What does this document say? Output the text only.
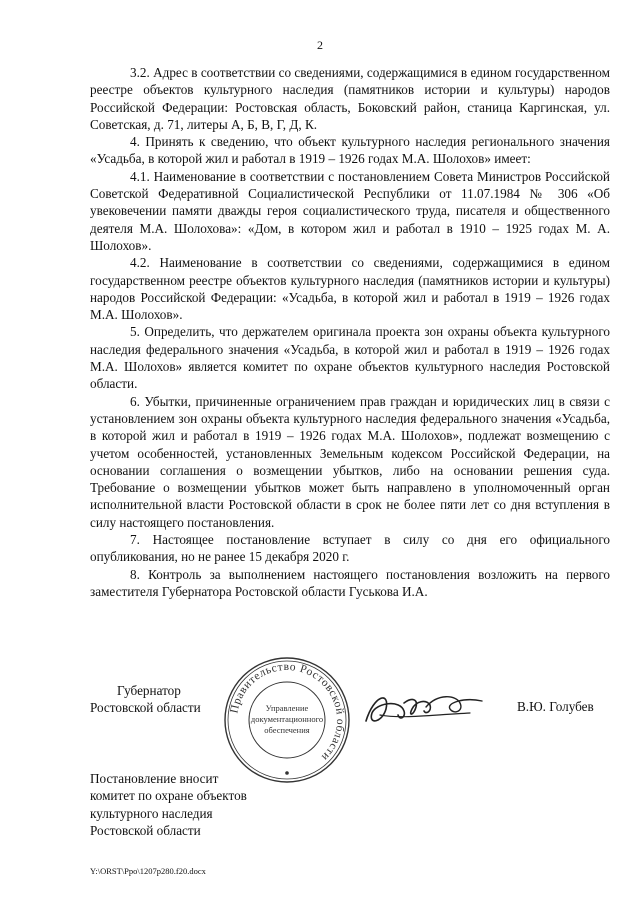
2

3.2. Адрес в соответствии со сведениями, содержащимися в едином государственном реестре объектов культурного наследия (памятников истории и культуры) народов Российской Федерации: Ростовская область, Боковский район, станица Каргинская, ул. Советская, д. 71, литеры А, Б, В, Г, Д, К.

4. Принять к сведению, что объект культурного наследия регионального значения «Усадьба, в которой жил и работал в 1919 – 1926 годах М.А. Шолохов» имеет:

4.1. Наименование в соответствии с постановлением Совета Министров Российской Советской Федеративной Социалистической Республики от 11.07.1984 № 306 «Об увековечении памяти дважды героя социалистического труда, писателя и общественного деятеля М.А. Шолохова»: «Дом, в котором жил и работал в 1910 – 1925 годах М. А. Шолохов».

4.2. Наименование в соответствии со сведениями, содержащимися в едином государственном реестре объектов культурного наследия (памятников истории и культуры) народов Российской Федерации: «Усадьба, в которой жил и работал в 1919 – 1926 годах М.А. Шолохов».

5. Определить, что держателем оригинала проекта зон охраны объекта культурного наследия федерального значения «Усадьба, в которой жил и работал в 1919 – 1926 годах М.А. Шолохов» является комитет по охране объектов культурного наследия Ростовской области.

6. Убытки, причиненные ограничением прав граждан и юридических лиц в связи с установлением зон охраны объекта культурного наследия федерального значения «Усадьба, в которой жил и работал в 1919 – 1926 годах М.А. Шолохов», подлежат возмещению с учетом особенностей, установленных Земельным кодексом Российской Федерации, на основании соглашения о возмещении убытков, либо на основании решения суда. Требование о возмещении убытков может быть направлено в уполномоченный орган исполнительной власти Ростовской области в срок не более пяти лет со дня вступления в силу настоящего постановления.

7. Настоящее постановление вступает в силу со дня его официального опубликования, но не ранее 15 декабря 2020 г.

8. Контроль за выполнением настоящего постановления возложить на первого заместителя Губернатора Ростовской области Гуськова И.А.

Губернатор
Ростовской области	Правительство Ростовской области
Управление
документационного
обеспечения
В.Ю. Голубев
Постановление вносит
комитет по охране объектов
культурного наследия
Ростовской области
Y:\ORST\Ppo\1207p280.f20.docx
